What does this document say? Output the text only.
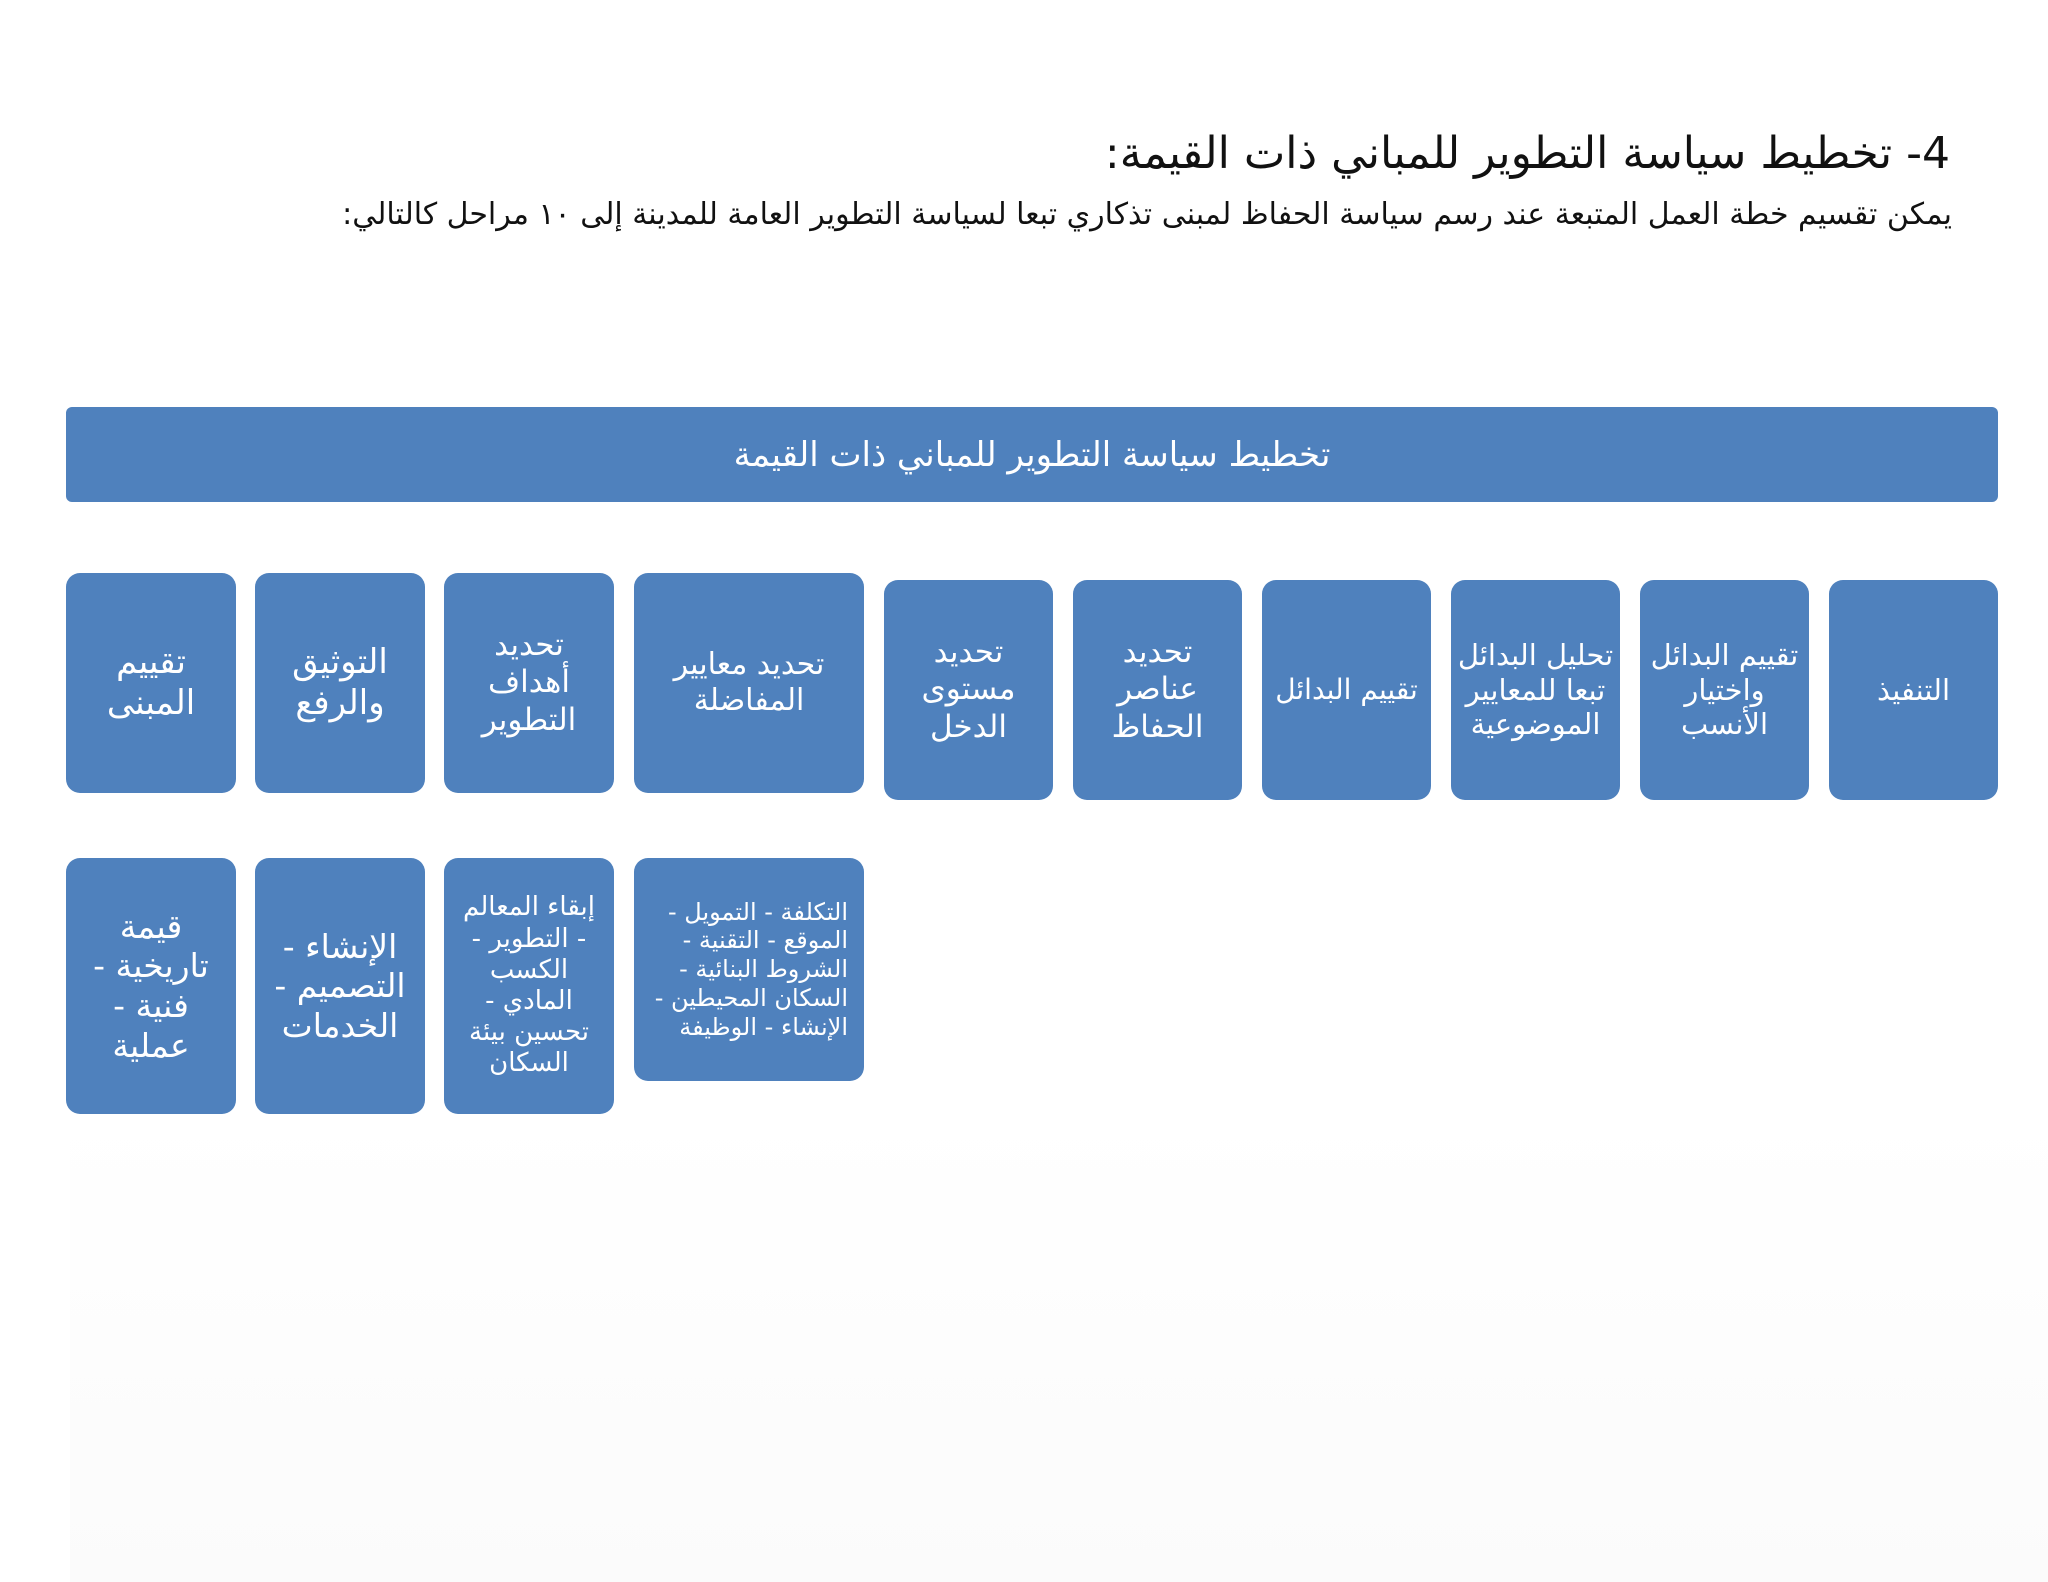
4- تخطيط سياسة التطوير للمباني ذات القيمة:
يمكن تقسيم خطة العمل المتبعة عند رسم سياسة الحفاظ لمبنى تذكاري تبعا لسياسة التطوير العامة للمدينة إلى ١٠ مراحل كالتالي:
تخطيط سياسة التطوير للمباني ذات القيمة
التنفيذ
تقييم البدائل واختيار الأنسب
تحليل البدائل تبعا للمعايير الموضوعية
تقييم البدائل
تحديد عناصر الحفاظ
تحديد مستوى الدخل
تحديد معايير المفاضلة
تحديد أهداف التطوير
التوثيق والرفع
تقييم المبنى
التكلفة - التمويل -
الموقع - التقنية -
الشروط البنائية -
السكان المحيطين -
الإنشاء - الوظيفة
إبقاء المعالم
- التطوير -
الكسب
المادي -
تحسين بيئة
السكان
الإنشاء -
التصميم -
الخدمات
قيمة
تاريخية -
فنية -
عملية
